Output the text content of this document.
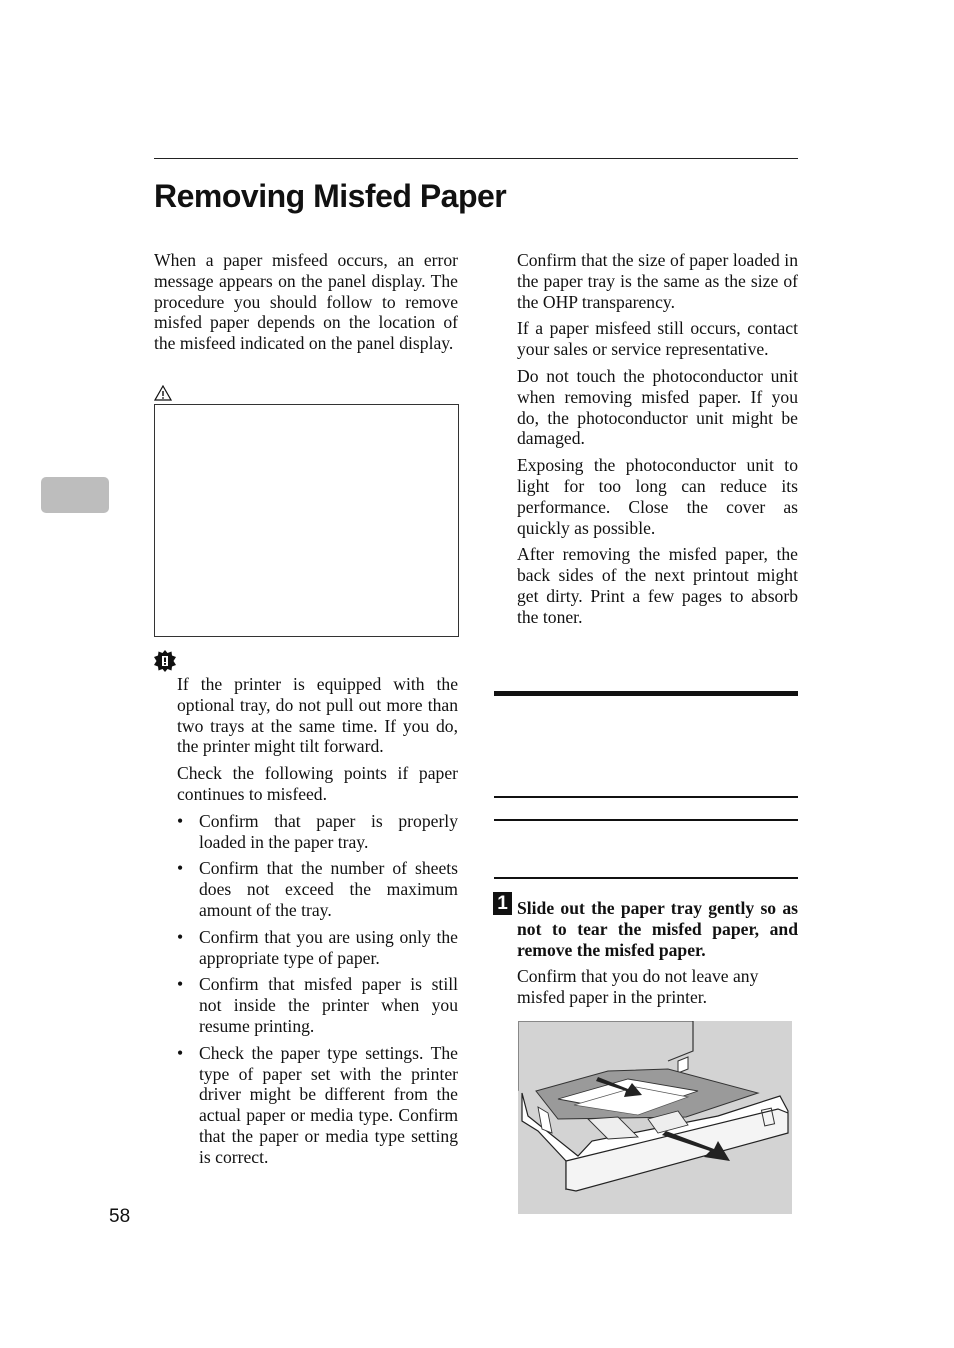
Removing Misfed Paper

When a paper misfeed occurs, an error message appears on the panel display. The procedure you should follow to remove misfed paper depends on the location of the misfeed indicated on the panel display.

If the printer is equipped with the optional tray, do not pull out more than two trays at the same time. If you do, the printer might tilt forward.

Check the following points if paper continues to misfeed.

• Confirm that paper is properly loaded in the paper tray.
• Confirm that the number of sheets does not exceed the maximum amount of the tray.
• Confirm that you are using only the appropriate type of paper.
• Confirm that misfed paper is still not inside the printer when you resume printing.
• Check the paper type settings. The type of paper set with the printer driver might be different from the actual paper or media type. Confirm that the paper or media type setting is correct.

Confirm that the size of paper loaded in the paper tray is the same as the size of the OHP transparency.

If a paper misfeed still occurs, contact your sales or service representative.

Do not touch the photoconductor unit when removing misfed paper. If you do, the photoconductor unit might be damaged.

Exposing the photoconductor unit to light for too long can reduce its performance. Close the cover as quickly as possible.

After removing the misfed paper, the back sides of the next printout might get dirty. Print a few pages to absorb the toner.

1 Slide out the paper tray gently so as not to tear the misfed paper, and remove the misfed paper.

Confirm that you do not leave any misfed paper in the printer.

58
